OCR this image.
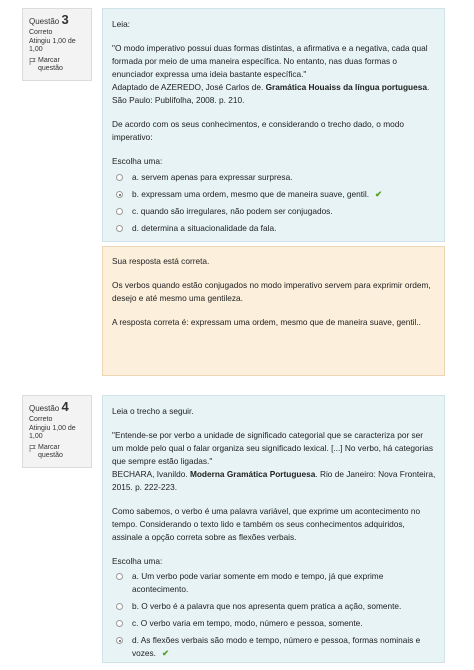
Questão 3
Correto
Atingiu 1,00 de 1,00
Marcar questão

Leia:

"O modo imperativo possui duas formas distintas, a afirmativa e a negativa, cada qual formada por meio de uma maneira específica. No entanto, nas duas formas o enunciador expressa uma ideia bastante específica."

Adaptado de AZEREDO, José Carlos de. Gramática Houaiss da língua portuguesa. São Paulo: Publifolha, 2008. p. 210.

De acordo com os seus conhecimentos, e considerando o trecho dado, o modo imperativo:

Escolha uma:

a. servem apenas para expressar surpresa.
b. expressam uma ordem, mesmo que de maneira suave, gentil. ✔
c. quando são irregulares, não podem ser conjugados.
d. determina a situacionalidade da fala.

Sua resposta está correta.

Os verbos quando estão conjugados no modo imperativo servem para exprimir ordem, desejo e até mesmo uma gentileza.

A resposta correta é: expressam uma ordem, mesmo que de maneira suave, gentil..

Questão 4
Correto
Atingiu 1,00 de 1,00
Marcar questão

Leia o trecho a seguir.

"Entende-se por verbo a unidade de significado categorial que se caracteriza por ser um molde pelo qual o falar organiza seu significado lexical. [...] No verbo, há categorias que sempre estão ligadas."

BECHARA, Ivanildo. Moderna Gramática Portuguesa. Rio de Janeiro: Nova Fronteira, 2015. p. 222-223.

Como sabemos, o verbo é uma palavra variável, que exprime um acontecimento no tempo. Considerando o texto lido e também os seus conhecimentos adquiridos, assinale a opção correta sobre as flexões verbais.

Escolha uma:

a. Um verbo pode variar somente em modo e tempo, já que exprime acontecimento.
b. O verbo é a palavra que nos apresenta quem pratica a ação, somente.
c. O verbo varia em tempo, modo, número e pessoa, somente.
d. As flexões verbais são modo e tempo, número e pessoa, formas nominais e vozes. ✔
